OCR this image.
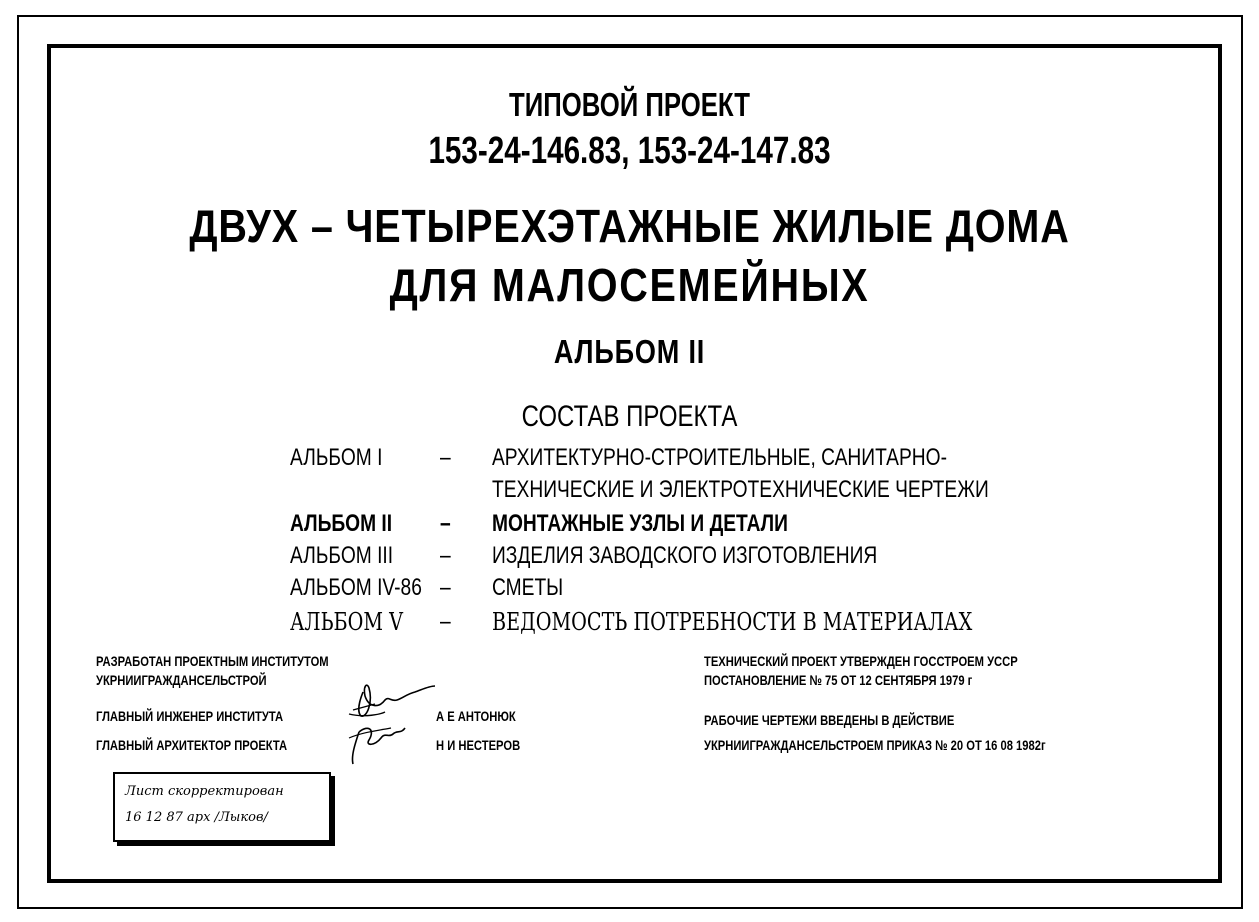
ТИПОВОЙ ПРОЕКТ
153-24-146.83, 153-24-147.83
ДВУХ – ЧЕТЫРЕХЭТАЖНЫЕ ЖИЛЫЕ ДОМА
ДЛЯ МАЛОСЕМЕЙНЫХ
АЛЬБОМ II
СОСТАВ ПРОЕКТА
АЛЬБОМ I – АРХИТЕКТУРНО-СТРОИТЕЛЬНЫЕ, САНИТАРНО-
ТЕХНИЧЕСКИЕ И ЭЛЕКТРОТЕХНИЧЕСКИЕ ЧЕРТЕЖИ
АЛЬБОМ II – МОНТАЖНЫЕ УЗЛЫ И ДЕТАЛИ
АЛЬБОМ III – ИЗДЕЛИЯ ЗАВОДСКОГО ИЗГОТОВЛЕНИЯ
АЛЬБОМ IV-86 – СМЕТЫ
АЛЬБОМ V – ВЕДОМОСТЬ ПОТРЕБНОСТИ В МАТЕРИАЛАХ
РАЗРАБОТАН ПРОЕКТНЫМ ИНСТИТУТОМ
УКРНИИГРАЖДАНСЕЛЬСТРОЙ
ГЛАВНЫЙ ИНЖЕНЕР ИНСТИТУТА
ГЛАВНЫЙ АРХИТЕКТОР ПРОЕКТА
А Е АНТОНЮК
Н И НЕСТЕРОВ
ТЕХНИЧЕСКИЙ ПРОЕКТ УТВЕРЖДЕН ГОССТРОЕМ УССР
ПОСТАНОВЛЕНИЕ № 75 ОТ 12 СЕНТЯБРЯ 1979 г
РАБОЧИЕ ЧЕРТЕЖИ ВВЕДЕНЫ В ДЕЙСТВИЕ
УКРНИИГРАЖДАНСЕЛЬСТРОЕМ ПРИКАЗ № 20 ОТ 16 08 1982г
Лист скорректирован
16 12 87 арх /Лыков/
